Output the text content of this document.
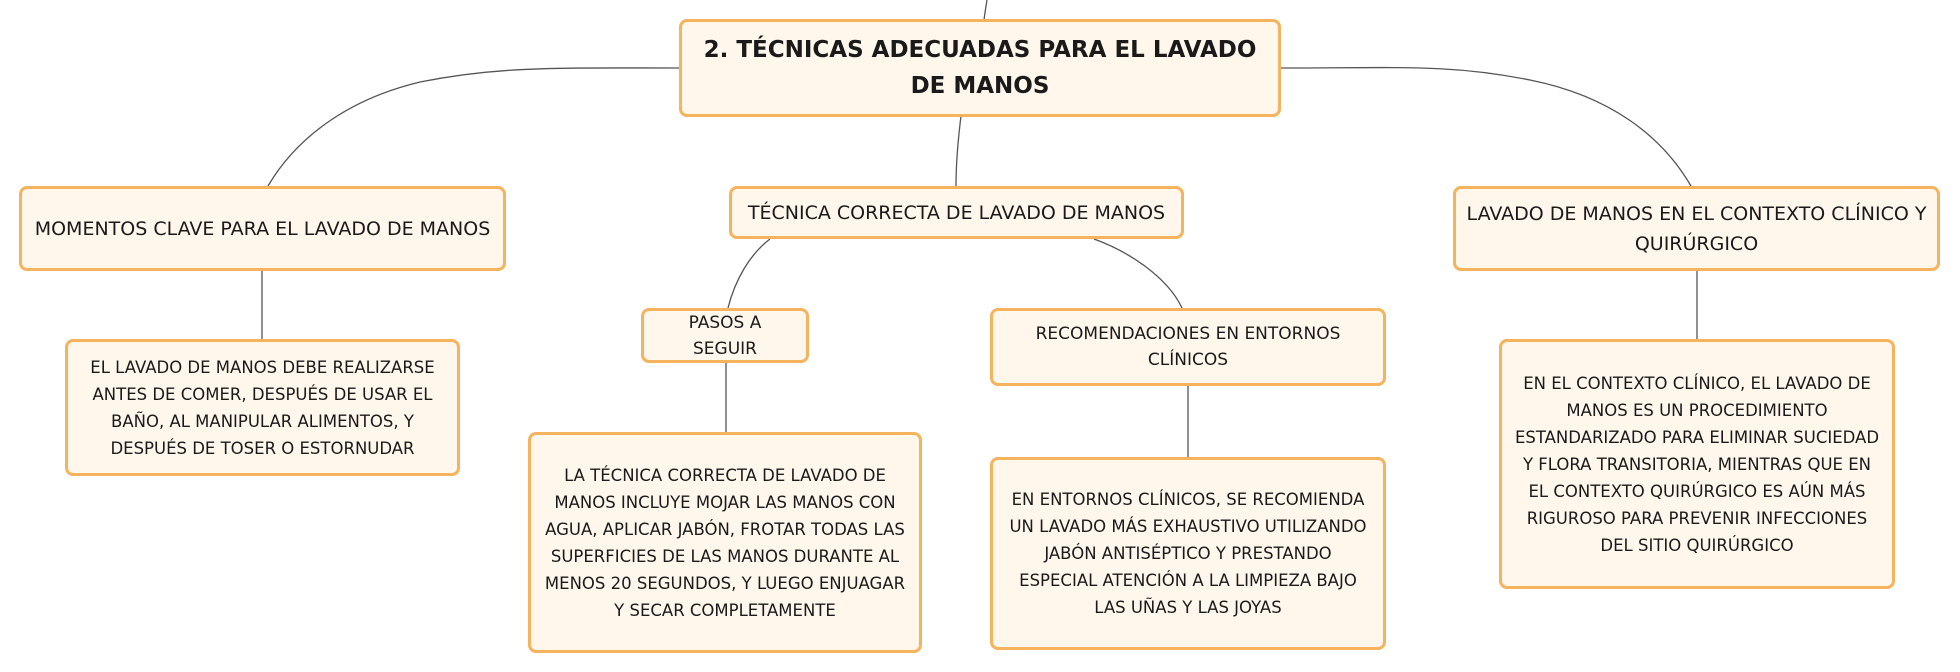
2. TÉCNICAS ADECUADAS PARA EL LAVADO DE MANOS
MOMENTOS CLAVE PARA EL LAVADO DE MANOS
TÉCNICA CORRECTA DE LAVADO DE MANOS	LAVADO DE MANOS EN EL CONTEXTO CLÍNICO Y QUIRÚRGICO
EL LAVADO DE MANOS DEBE REALIZARSE ANTES DE COMER, DESPUÉS DE USAR EL BAÑO, AL MANIPULAR ALIMENTOS, Y DESPUÉS DE TOSER O ESTORNUDAR
PASOS A SEGUIR
RECOMENDACIONES EN ENTORNOS CLÍNICOS
LA TÉCNICA CORRECTA DE LAVADO DE MANOS INCLUYE MOJAR LAS MANOS CON AGUA, APLICAR JABÓN, FROTAR TODAS LAS SUPERFICIES DE LAS MANOS DURANTE AL MENOS 20 SEGUNDOS, Y LUEGO ENJUAGAR Y SECAR COMPLETAMENTE
EN ENTORNOS CLÍNICOS, SE RECOMIENDA UN LAVADO MÁS EXHAUSTIVO UTILIZANDO JABÓN ANTISÉPTICO Y PRESTANDO ESPECIAL ATENCIÓN A LA LIMPIEZA BAJO LAS UÑAS Y LAS JOYAS
EN EL CONTEXTO CLÍNICO, EL LAVADO DE MANOS ES UN PROCEDIMIENTO ESTANDARIZADO PARA ELIMINAR SUCIEDAD Y FLORA TRANSITORIA, MIENTRAS QUE EN EL CONTEXTO QUIRÚRGICO ES AÚN MÁS RIGUROSO PARA PREVENIR INFECCIONES DEL SITIO QUIRÚRGICO
